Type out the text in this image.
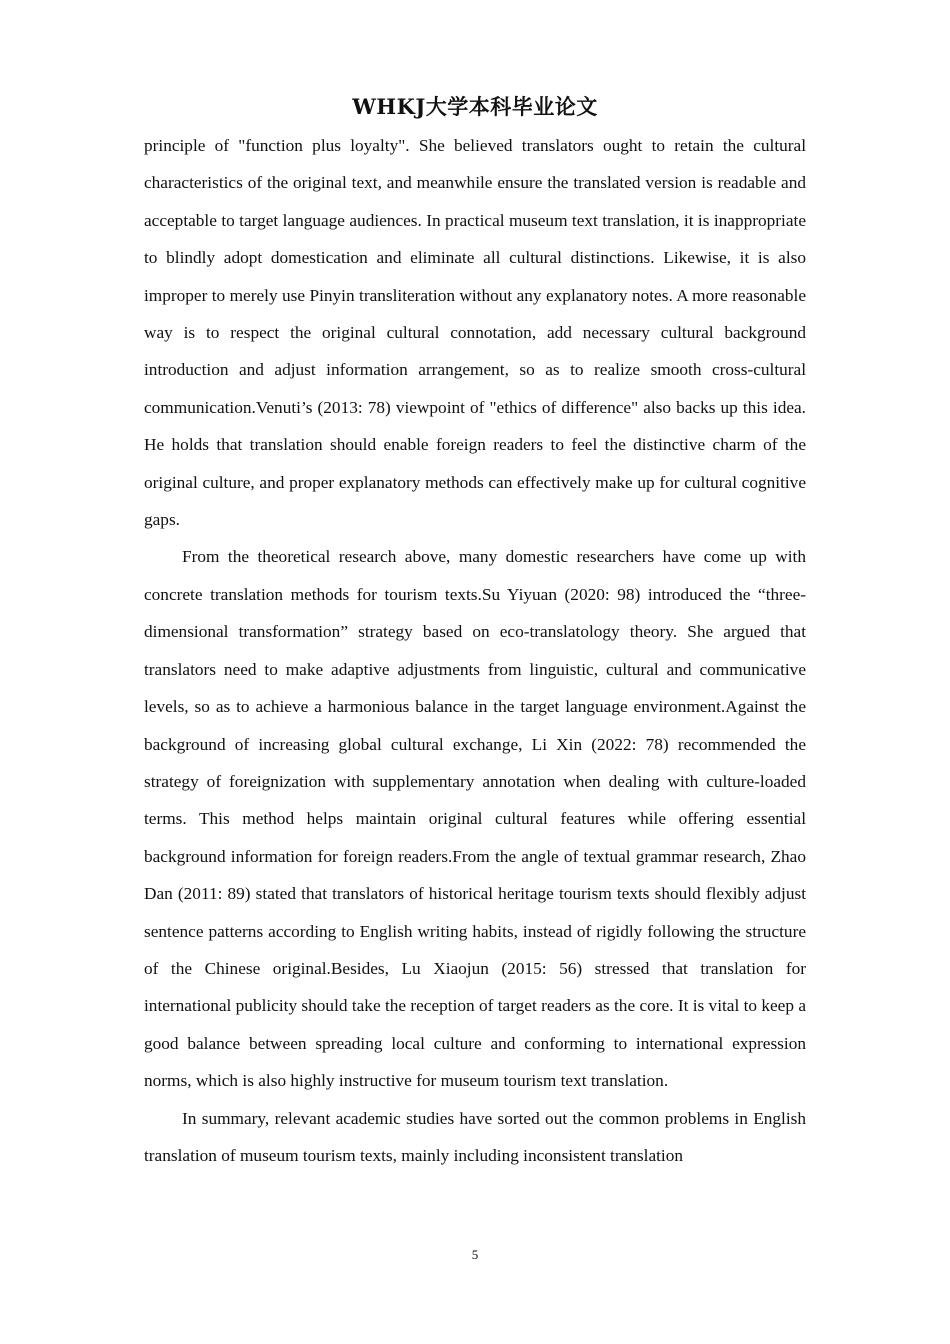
WHKJ大学本科毕业论文

principle of "function plus loyalty". She believed translators ought to retain the cultural characteristics of the original text, and meanwhile ensure the translated version is readable and acceptable to target language audiences. In practical museum text translation, it is inappropriate to blindly adopt domestication and eliminate all cultural distinctions. Likewise, it is also improper to merely use Pinyin transliteration without any explanatory notes. A more reasonable way is to respect the original cultural connotation, add necessary cultural background introduction and adjust information arrangement, so as to realize smooth cross-cultural communication.Venuti’s (2013: 78) viewpoint of "ethics of difference" also backs up this idea. He holds that translation should enable foreign readers to feel the distinctive charm of the original culture, and proper explanatory methods can effectively make up for cultural cognitive gaps.

From the theoretical research above, many domestic researchers have come up with concrete translation methods for tourism texts.Su Yiyuan (2020: 98) introduced the “three-dimensional transformation” strategy based on eco-translatology theory. She argued that translators need to make adaptive adjustments from linguistic, cultural and communicative levels, so as to achieve a harmonious balance in the target language environment.Against the background of increasing global cultural exchange, Li Xin (2022: 78) recommended the strategy of foreignization with supplementary annotation when dealing with culture-loaded terms. This method helps maintain original cultural features while offering essential background information for foreign readers.From the angle of textual grammar research, Zhao Dan (2011: 89) stated that translators of historical heritage tourism texts should flexibly adjust sentence patterns according to English writing habits, instead of rigidly following the structure of the Chinese original.Besides, Lu Xiaojun (2015: 56) stressed that translation for international publicity should take the reception of target readers as the core. It is vital to keep a good balance between spreading local culture and conforming to international expression norms, which is also highly instructive for museum tourism text translation.

In summary, relevant academic studies have sorted out the common problems in English translation of museum tourism texts, mainly including inconsistent translation

5
